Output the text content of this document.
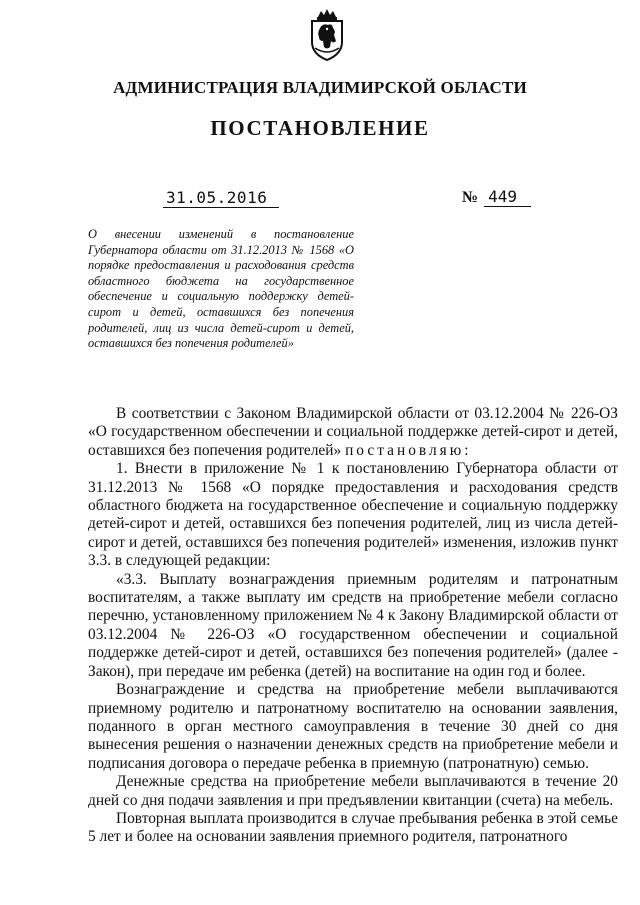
АДМИНИСТРАЦИЯ ВЛАДИМИРСКОЙ ОБЛАСТИ
ПОСТАНОВЛЕНИЕ
31.05.2016	№ 449
О внесении изменений в постановление Губернатора области от 31.12.2013 № 1568 «О порядке предоставления и расходования средств областного бюджета на государственное обеспечение и социальную поддержку детей-сирот и детей, оставшихся без попечения родителей, лиц из числа детей-сирот и детей, оставшихся без попечения родителей»

В соответствии с Законом Владимирской области от 03.12.2004 № 226-ОЗ «О государственном обеспечении и социальной поддержке детей-сирот и детей, оставшихся без попечения родителей» постановляю:

1. Внести в приложение № 1 к постановлению Губернатора области от 31.12.2013 № 1568 «О порядке предоставления и расходования средств областного бюджета на государственное обеспечение и социальную поддержку детей-сирот и детей, оставшихся без попечения родителей, лиц из числа детей-сирот и детей, оставшихся без попечения родителей» изменения, изложив пункт 3.3. в следующей редакции:

«3.3. Выплату вознаграждения приемным родителям и патронатным воспитателям, а также выплату им средств на приобретение мебели согласно перечню, установленному приложением № 4 к Закону Владимирской области от 03.12.2004 № 226-ОЗ «О государственном обеспечении и социальной поддержке детей-сирот и детей, оставшихся без попечения родителей» (далее - Закон), при передаче им ребенка (детей) на воспитание на один год и более.

Вознаграждение и средства на приобретение мебели выплачиваются приемному родителю и патронатному воспитателю на основании заявления, поданного в орган местного самоуправления в течение 30 дней со дня вынесения решения о назначении денежных средств на приобретение мебели и подписания договора о передаче ребенка в приемную (патронатную) семью.

Денежные средства на приобретение мебели выплачиваются в течение 20 дней со дня подачи заявления и при предъявлении квитанции (счета) на мебель.

Повторная выплата производится в случае пребывания ребенка в этой семье 5 лет и более на основании заявления приемного родителя, патронатного
